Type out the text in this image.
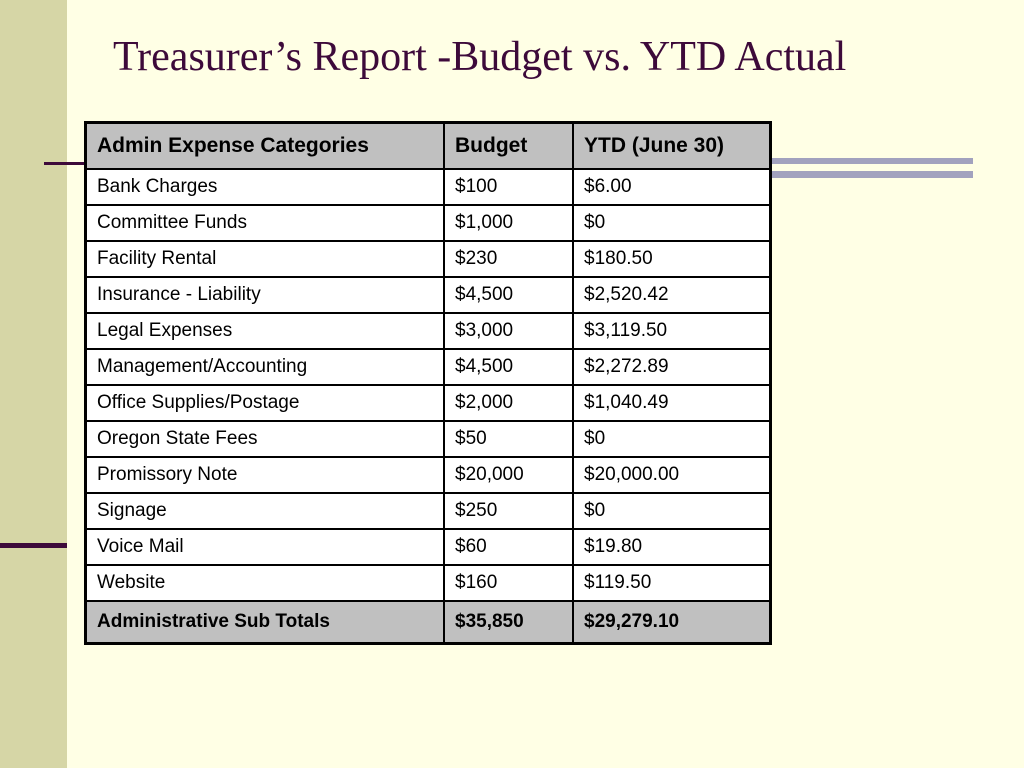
Treasurer’s Report -Budget vs. YTD Actual
Admin Expense Categories	Budget	YTD (June 30)
Bank Charges	$100	$6.00
Committee Funds	$1,000	$0
Facility Rental	$230	$180.50
Insurance - Liability	$4,500	$2,520.42
Legal Expenses	$3,000	$3,119.50
Management/Accounting	$4,500	$2,272.89
Office Supplies/Postage	$2,000	$1,040.49
Oregon State Fees	$50	$0
Promissory Note	$20,000	$20,000.00
Signage	$250	$0
Voice Mail	$60	$19.80
Website	$160	$119.50
Administrative Sub Totals	$35,850	$29,279.10
